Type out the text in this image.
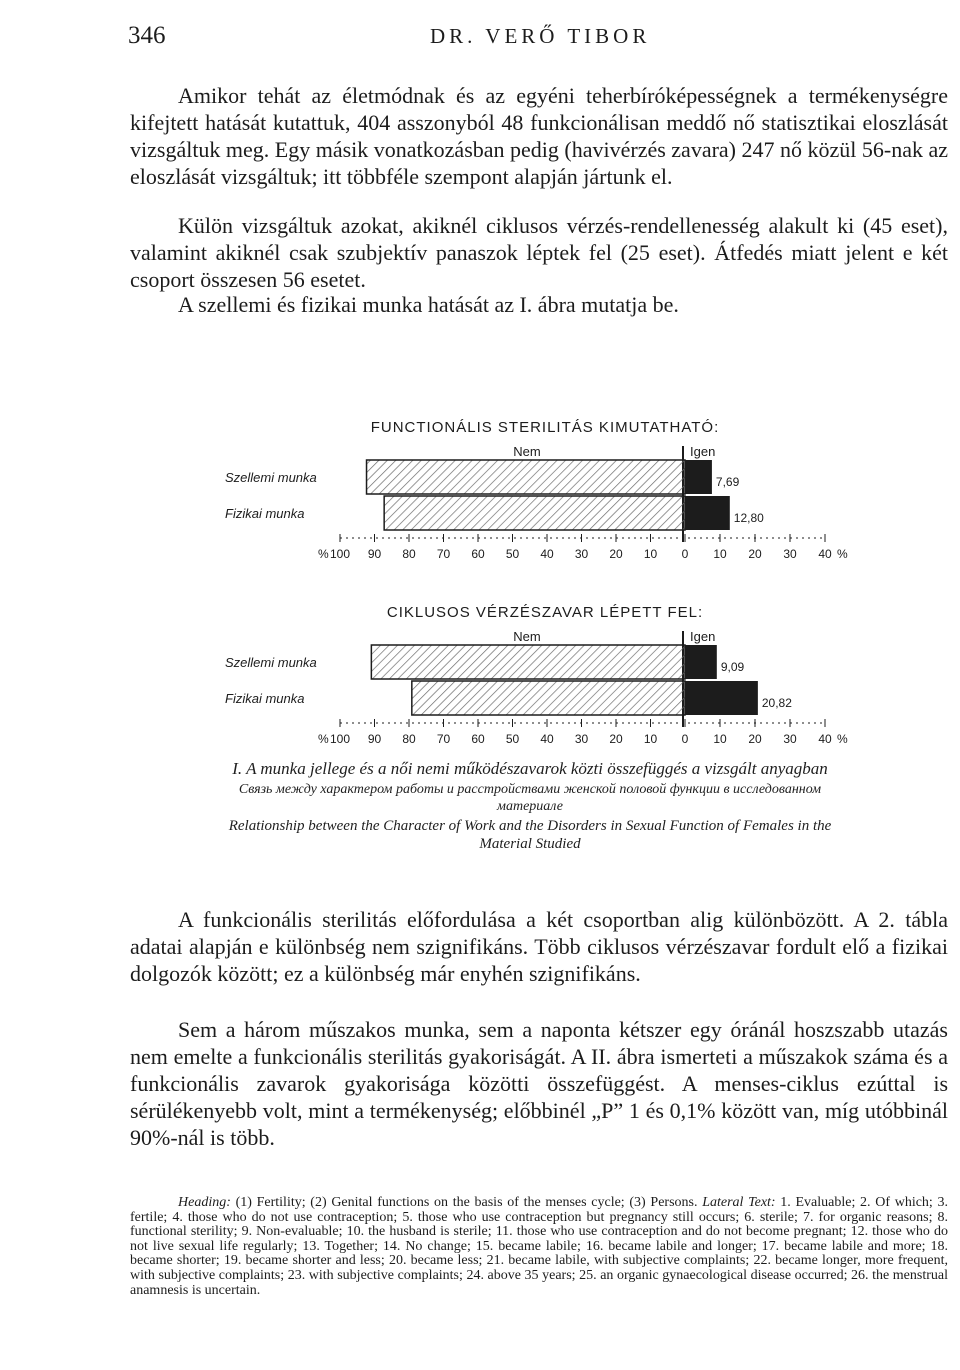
346	DR. VERŐ TIBOR

Amikor tehát az életmódnak és az egyéni teherbíróképességnek a termékenységre kifejtett hatását kutattuk, 404 asszonyból 48 funkcionálisan meddő nő statisztikai eloszlását vizsgáltuk meg. Egy másik vonatkozásban pedig (havivérzés zavara) 247 nő közül 56-nak az eloszlását vizsgáltuk; itt többféle szempont alapján jártunk el.

Külön vizsgáltuk azokat, akiknél ciklusos vérzés-rendellenesség alakult ki (45 eset), valamint akiknél csak szubjektív panaszok léptek fel (25 eset). Átfedés miatt jelent e két csoport összesen 56 esetet.

A szellemi és fizikai munka hatását az I. ábra mutatja be.

FUNCTIONÁLIS STERILITÁS KIMUTATHATÓ:
Nem	Igen
7,69
Szellemi munka
12,80
Fizikai munka
100 90 80 70 60 50 40 30 20 10 0 10 20 30 40
%	%
CIKLUSOS VÉRZÉSZAVAR LÉPETT FEL:
Nem	Igen
9,09
Szellemi munka
20,82
Fizikai munka
100 90 80 70 60 50 40 30 20 10 0 10 20 30 40
%	%
I. A munka jellege és a női nemi működészavarok közti összefüggés a vizsgált anyagban
Связь между характером работы и расстройствами женской половой функции в исследованном материале
Relationship between the Character of Work and the Disorders in Sexual Function of Females in the Material Studied

A funkcionális sterilitás előfordulása a két csoportban alig különbözött. A 2. tábla adatai alapján e különbség nem szignifikáns. Több ciklusos vérzészavar fordult elő a fizikai dolgozók között; ez a különbség már enyhén szignifikáns.

Sem a három műszakos munka, sem a naponta kétszer egy óránál hoszszabb utazás nem emelte a funkcionális sterilitás gyakoriságát. A II. ábra ismerteti a műszakok száma és a funkcionális zavarok gyakorisága közötti összefüggést. A menses-ciklus ezúttal is sérülékenyebb volt, mint a termékenység; előbbinél „P” 1 és 0,1% között van, míg utóbbinál 90%-nál is több.

Heading: (1) Fertility; (2) Genital functions on the basis of the menses cycle; (3) Persons. Lateral Text: 1. Evaluable; 2. Of which; 3. fertile; 4. those who do not use contraception; 5. those who use contraception but pregnancy still occurs; 6. sterile; 7. for organic reasons; 8. functional sterility; 9. Non-evaluable; 10. the husband is sterile; 11. those who use contraception and do not become pregnant; 12. those who do not live sexual life regularly; 13. Together; 14. No change; 15. became labile; 16. became labile and longer; 17. became labile and more; 18. became shorter; 19. became shorter and less; 20. became less; 21. became labile, with subjective complaints; 22. became longer, more frequent, with subjective complaints; 23. with subjective complaints; 24. above 35 years; 25. an organic gynaecological disease occurred; 26. the menstrual anamnesis is uncertain.
